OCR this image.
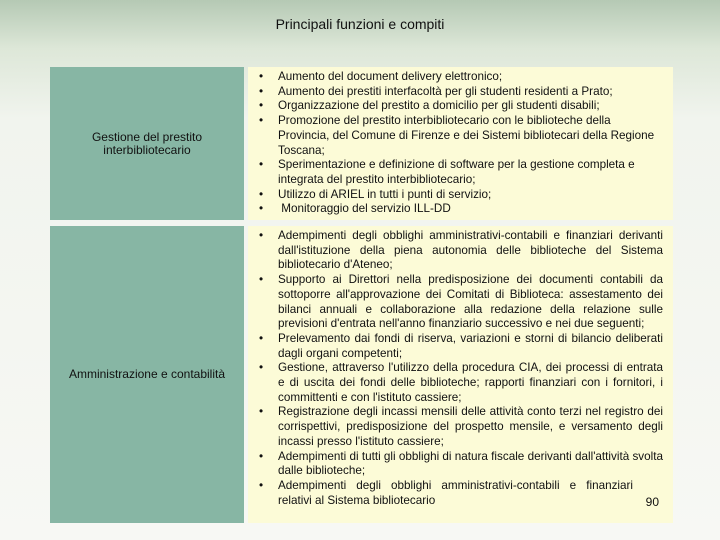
Principali funzioni e compiti
Gestione del prestito interbibliotecario
• Aumento del document delivery elettronico;
• Aumento dei prestiti interfacoltà per gli studenti residenti a Prato;
• Organizzazione del prestito a domicilio per gli studenti disabili;
• Promozione del prestito interbibliotecario con le biblioteche della Provincia, del Comune di Firenze e dei Sistemi bibliotecari della Regione Toscana;
• Sperimentazione e definizione di software per la gestione completa e integrata del prestito interbibliotecario;
• Utilizzo di ARIEL in tutti i punti di servizio;
•  Monitoraggio del servizio ILL-DD
Amministrazione e contabilità
• Adempimenti degli obblighi amministrativi-contabili e finanziari derivanti dall'istituzione della piena autonomia delle biblioteche del Sistema bibliotecario d'Ateneo;
• Supporto ai Direttori nella predisposizione dei documenti contabili da sottoporre all'approvazione dei Comitati di Biblioteca: assestamento dei bilanci annuali e collaborazione alla redazione della relazione sulle previsioni d'entrata nell'anno finanziario successivo e nei due seguenti;
• Prelevamento dai fondi di riserva, variazioni e storni di bilancio deliberati dagli organi competenti;
• Gestione, attraverso l'utilizzo della procedura CIA, dei processi di entrata e di uscita dei fondi delle biblioteche; rapporti finanziari con i fornitori, i committenti e con l'istituto cassiere;
• Registrazione degli incassi mensili delle attività conto terzi nel registro dei corrispettivi, predisposizione del prospetto mensile, e versamento degli incassi presso l'istituto cassiere;
• Adempimenti di tutti gli obblighi di natura fiscale derivanti dall'attività svolta dalle biblioteche;
• Adempimenti degli obblighi amministrativi-contabili e finanziari relativi al Sistema bibliotecario	90
